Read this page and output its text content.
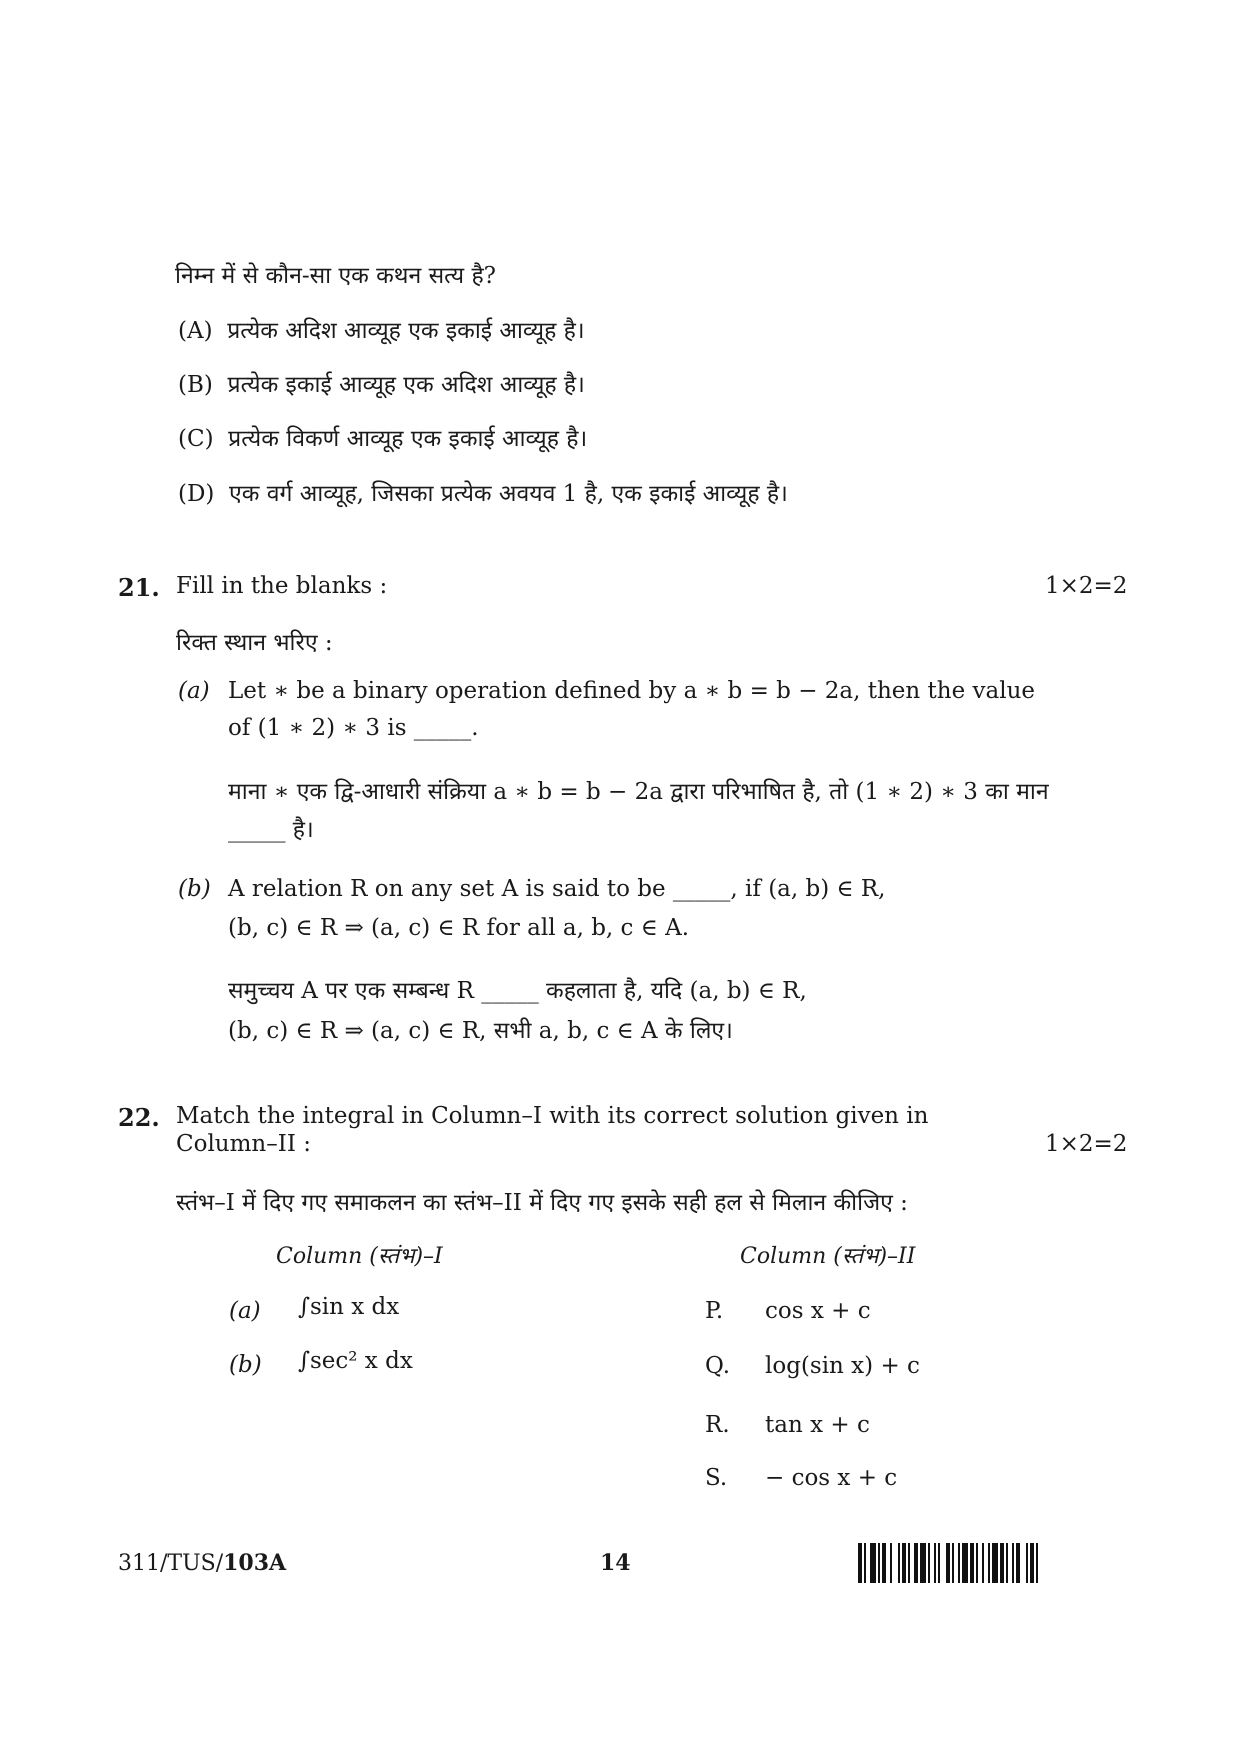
निम्न में से कौन-सा एक कथन सत्य है?
(A) प्रत्येक अदिश आव्यूह एक इकाई आव्यूह है।
(B) प्रत्येक इकाई आव्यूह एक अदिश आव्यूह है।
(C) प्रत्येक विकर्ण आव्यूह एक इकाई आव्यूह है।
(D) एक वर्ग आव्यूह, जिसका प्रत्येक अवयव 1 है, एक इकाई आव्यूह है।
21. Fill in the blanks :	1×2=2
रिक्त स्थान भरिए :
(a) Let ∗ be a binary operation defined by a ∗ b = b − 2a, then the value
of (1 ∗ 2) ∗ 3 is _____.
माना ∗ एक द्वि-आधारी संक्रिया a ∗ b = b − 2a द्वारा परिभाषित है, तो (1 ∗ 2) ∗ 3 का मान
_____ है।
(b) A relation R on any set A is said to be _____, if (a, b) ∈ R,
(b, c) ∈ R ⇒ (a, c) ∈ R for all a, b, c ∈ A.
समुच्चय A पर एक सम्बन्ध R _____ कहलाता है, यदि (a, b) ∈ R,
(b, c) ∈ R ⇒ (a, c) ∈ R, सभी a, b, c ∈ A के लिए।
22. Match the integral in Column–I with its correct solution given in
Column–II :	1×2=2
स्तंभ–I में दिए गए समाकलन का स्तंभ–II में दिए गए इसके सही हल से मिलान कीजिए :
Column (स्तंभ)–I	Column (स्तंभ)–II
(a) ∫sin x dx
(b) ∫sec² x dx
P. cos x + c
Q. log(sin x) + c
R. tan x + c
S. − cos x + c
311/TUS/103A	14
